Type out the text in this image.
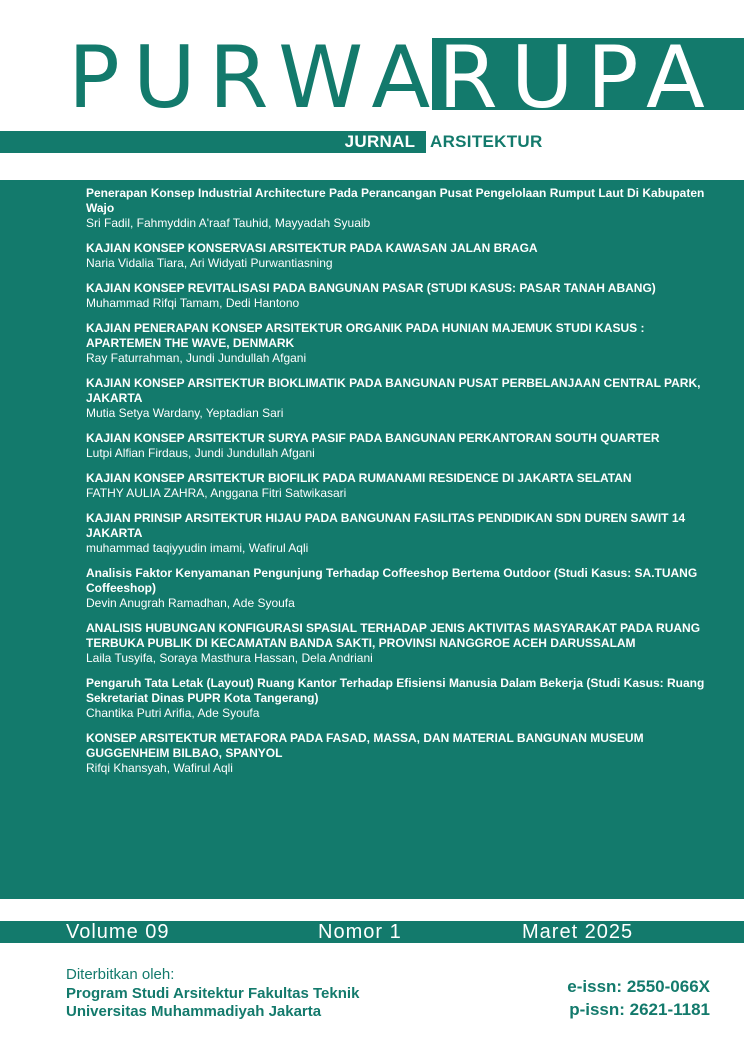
PURWA
RUPA
JURNAL ARSITEKTUR
Penerapan Konsep Industrial Architecture Pada Perancangan Pusat Pengelolaan Rumput Laut Di Kabupaten Wajo
Sri Fadil, Fahmyddin A'raaf Tauhid, Mayyadah Syuaib
KAJIAN KONSEP KONSERVASI ARSITEKTUR PADA KAWASAN JALAN BRAGA
Naria Vidalia Tiara, Ari Widyati Purwantiasning
KAJIAN KONSEP REVITALISASI PADA BANGUNAN PASAR (STUDI KASUS: PASAR TANAH ABANG)
Muhammad Rifqi Tamam, Dedi Hantono
KAJIAN PENERAPAN KONSEP ARSITEKTUR ORGANIK PADA HUNIAN MAJEMUK STUDI KASUS : APARTEMEN THE WAVE, DENMARK
Ray Faturrahman, Jundi Jundullah Afgani
KAJIAN KONSEP ARSITEKTUR BIOKLIMATIK PADA BANGUNAN PUSAT PERBELANJAAN CENTRAL PARK, JAKARTA
Mutia Setya Wardany, Yeptadian Sari
KAJIAN KONSEP ARSITEKTUR SURYA PASIF PADA BANGUNAN PERKANTORAN SOUTH QUARTER
Lutpi Alfian Firdaus, Jundi Jundullah Afgani
KAJIAN KONSEP ARSITEKTUR BIOFILIK PADA RUMANAMI RESIDENCE DI JAKARTA SELATAN
FATHY AULIA ZAHRA, Anggana Fitri Satwikasari
KAJIAN PRINSIP ARSITEKTUR HIJAU PADA BANGUNAN FASILITAS PENDIDIKAN SDN DUREN SAWIT 14 JAKARTA
muhammad taqiyyudin imami, Wafirul Aqli
Analisis Faktor Kenyamanan Pengunjung Terhadap Coffeeshop Bertema Outdoor (Studi Kasus: SA.TUANG Coffeeshop)
Devin Anugrah Ramadhan, Ade Syoufa
ANALISIS HUBUNGAN KONFIGURASI SPASIAL TERHADAP JENIS AKTIVITAS MASYARAKAT PADA RUANG TERBUKA PUBLIK DI KECAMATAN BANDA SAKTI, PROVINSI NANGGROE ACEH DARUSSALAM
Laila Tusyifa, Soraya Masthura Hassan, Dela Andriani
Pengaruh Tata Letak (Layout) Ruang Kantor Terhadap Efisiensi Manusia Dalam Bekerja (Studi Kasus: Ruang Sekretariat Dinas PUPR Kota Tangerang)
Chantika Putri Arifia, Ade Syoufa
KONSEP ARSITEKTUR METAFORA PADA FASAD, MASSA, DAN MATERIAL BANGUNAN MUSEUM GUGGENHEIM BILBAO, SPANYOL
Rifqi Khansyah, Wafirul Aqli
Volume 09	Nomor 1	Maret 2025
Diterbitkan oleh:
Program Studi Arsitektur Fakultas Teknik
Universitas Muhammadiyah Jakarta
e-issn: 2550-066X
p-issn: 2621-1181
